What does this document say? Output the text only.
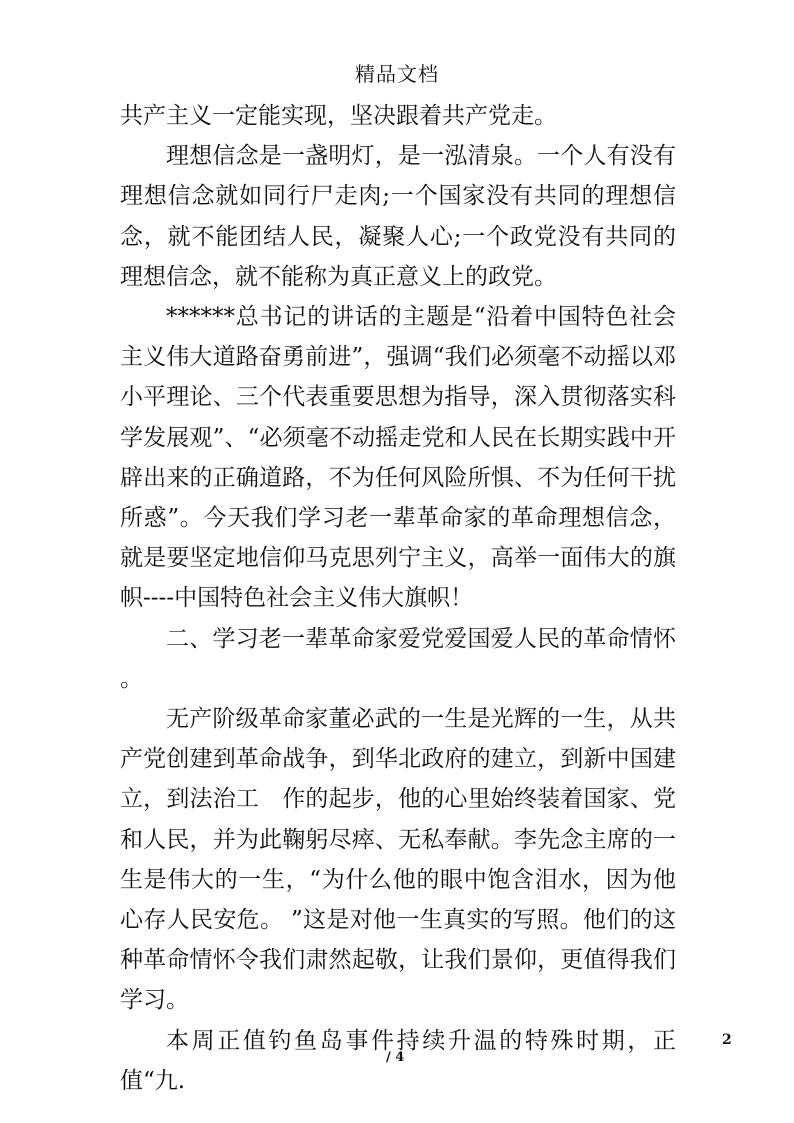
精品文档

共产主义一定能实现，坚决跟着共产党走。

理想信念是一盏明灯，是一泓清泉。一个人有没有理想信念就如同行尸走肉;一个国家没有共同的理想信念，就不能团结人民，凝聚人心;一个政党没有共同的理想信念，就不能称为真正意义上的政党。

******总书记的讲话的主题是“沿着中国特色社会主义伟大道路奋勇前进”，强调“我们必须毫不动摇以邓小平理论、三个代表重要思想为指导，深入贯彻落实科学发展观”、“必须毫不动摇走党和人民在长期实践中开辟出来的正确道路，不为任何风险所惧、不为任何干扰所惑”。今天我们学习老一辈革命家的革命理想信念，就是要坚定地信仰马克思列宁主义，高举一面伟大的旗帜----中国特色社会主义伟大旗帜！

二、学习老一辈革命家爱党爱国爱人民的革命情怀 。

无产阶级革命家董必武的一生是光辉的一生，从共产党创建到革命战争，到华北政府的建立，到新中国建立，到法治工　作的起步，他的心里始终装着国家、党和人民，并为此鞠躬尽瘁、无私奉献。李先念主席的一生是伟大的一生，“为什么他的眼中饱含泪水，因为他心存人民安危。 ”这是对他一生真实的写照。他们的这种革命情怀令我们肃然起敬，让我们景仰，更值得我们学习。

本周正值钓鱼岛事件持续升温的特殊时期，正值“九.

2
/ 4
